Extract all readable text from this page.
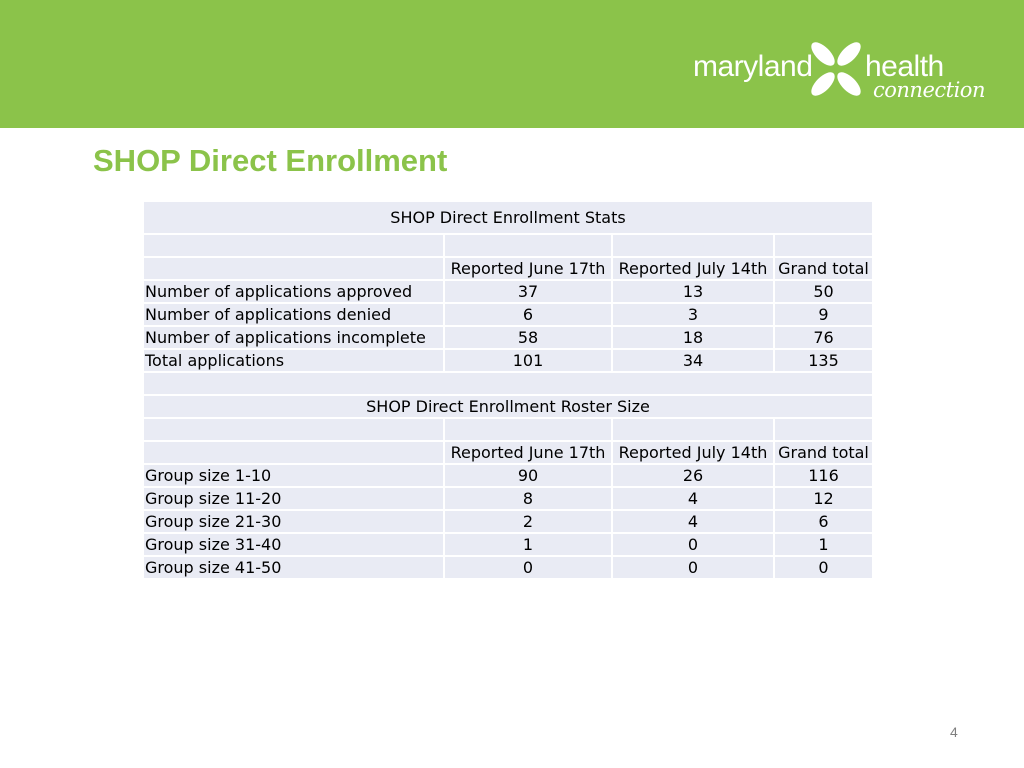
maryland health
connection
SHOP Direct Enrollment
SHOP Direct Enrollment Stats			

	Reported June 17th	Reported July 14th	Grand total
Number of applications approved	37	13	50
Number of applications denied	6	3	9
Number of applications incomplete	58	18	76
Total applications	101	34	135

SHOP Direct Enrollment Roster Size			

	Reported June 17th	Reported July 14th	Grand total
Group size 1-10	90	26	116
Group size 11-20	8	4	12
Group size 21-30	2	4	6
Group size 31-40	1	0	1
Group size 41-50	0	0	0
4
